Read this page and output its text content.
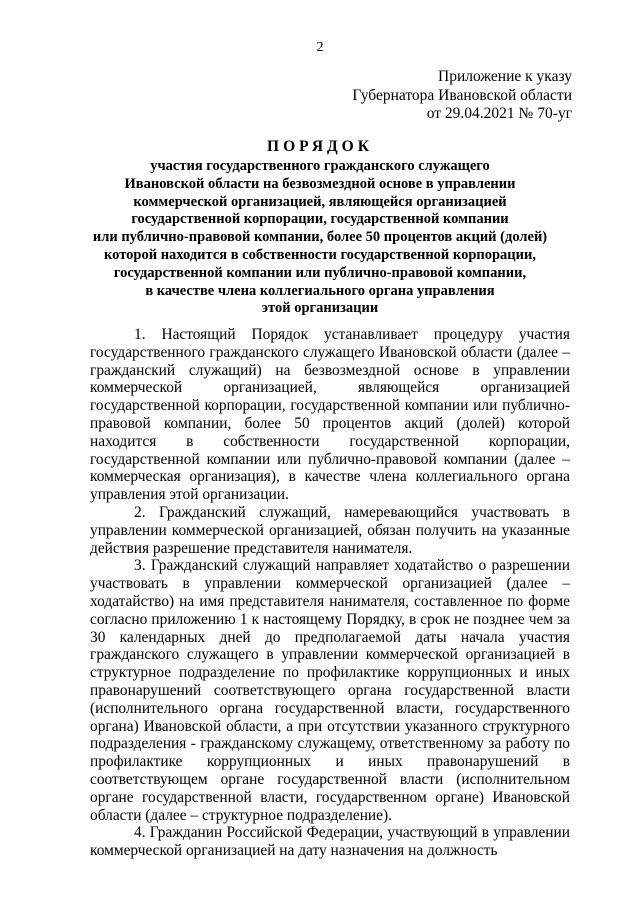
2
Приложение к указу
Губернатора Ивановской области
от 29.04.2021 № 70-уг
ПОРЯДОК
участия государственного гражданского служащего
Ивановской области на безвозмездной основе в управлении
коммерческой организацией, являющейся организацией
государственной корпорации, государственной компании
или публично-правовой компании, более 50 процентов акций (долей)
которой находится в собственности государственной корпорации,
государственной компании или публично-правовой компании,
в качестве члена коллегиального органа управления
этой организации

1. Настоящий Порядок устанавливает процедуру участия государственного гражданского служащего Ивановской области (далее – гражданский служащий) на безвозмездной основе в управлении коммерческой организацией, являющейся организацией государственной корпорации, государственной компании или публично-правовой компании, более 50 процентов акций (долей) которой находится в собственности государственной корпорации, государственной компании или публично-правовой компании (далее – коммерческая организация), в качестве члена коллегиального органа управления этой организации.

2. Гражданский служащий, намеревающийся участвовать в управлении коммерческой организацией, обязан получить на указанные действия разрешение представителя нанимателя.

3. Гражданский служащий направляет ходатайство о разрешении участвовать в управлении коммерческой организацией (далее – ходатайство) на имя представителя нанимателя, составленное по форме согласно приложению 1 к настоящему Порядку, в срок не позднее чем за 30 календарных дней до предполагаемой даты начала участия гражданского служащего в управлении коммерческой организацией в структурное подразделение по профилактике коррупционных и иных правонарушений соответствующего органа государственной власти (исполнительного органа государственной власти, государственного органа) Ивановской области, а при отсутствии указанного структурного подразделения - гражданскому служащему, ответственному за работу по профилактике коррупционных и иных правонарушений в соответствующем органе государственной власти (исполнительном органе государственной власти, государственном органе) Ивановской области (далее – структурное подразделение).

4. Гражданин Российской Федерации, участвующий в управлении коммерческой организацией на дату назначения на должность
